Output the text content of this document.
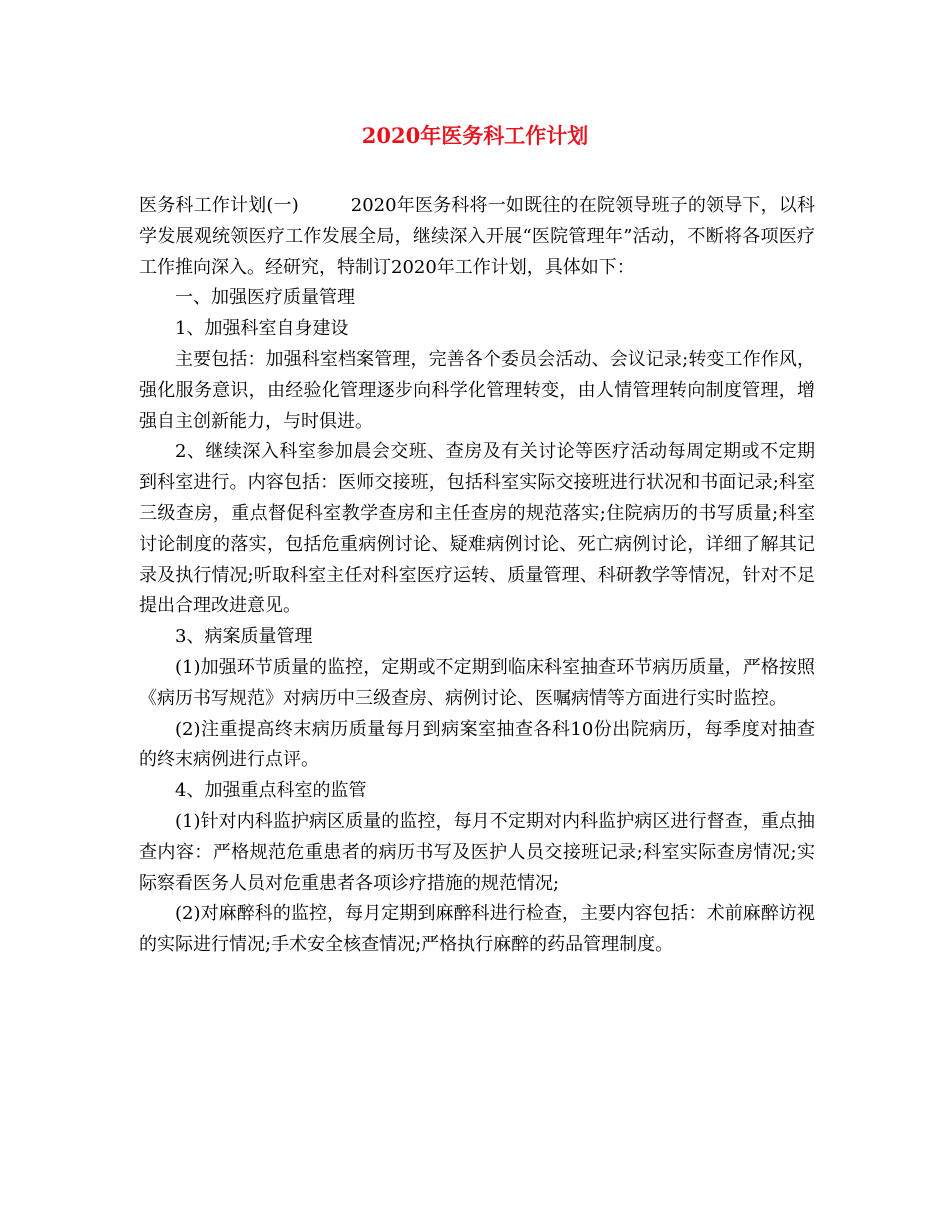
2020年医务科工作计划

医务科工作计划(一)	2020年医务科将一如既往的在院领导班子的领导下，以科学发展观统领医疗工作发展全局，继续深入开展“医院管理年”活动，不断将各项医疗工作推向深入。经研究，特制订2020年工作计划，具体如下：

一、加强医疗质量管理

1、加强科室自身建设

主要包括：加强科室档案管理，完善各个委员会活动、会议记录;转变工作作风，强化服务意识，由经验化管理逐步向科学化管理转变，由人情管理转向制度管理，增强自主创新能力，与时俱进。

2、继续深入科室参加晨会交班、查房及有关讨论等医疗活动每周定期或不定期到科室进行。内容包括：医师交接班，包括科室实际交接班进行状况和书面记录;科室三级查房，重点督促科室教学查房和主任查房的规范落实;住院病历的书写质量;科室讨论制度的落实，包括危重病例讨论、疑难病例讨论、死亡病例讨论，详细了解其记录及执行情况;听取科室主任对科室医疗运转、质量管理、科研教学等情况，针对不足提出合理改进意见。

3、病案质量管理

(1)加强环节质量的监控，定期或不定期到临床科室抽查环节病历质量，严格按照《病历书写规范》对病历中三级查房、病例讨论、医嘱病情等方面进行实时监控。

(2)注重提高终末病历质量每月到病案室抽查各科10份出院病历，每季度对抽查的终末病例进行点评。

4、加强重点科室的监管

(1)针对内科监护病区质量的监控，每月不定期对内科监护病区进行督查，重点抽查内容：严格规范危重患者的病历书写及医护人员交接班记录;科室实际查房情况;实际察看医务人员对危重患者各项诊疗措施的规范情况;

(2)对麻醉科的监控，每月定期到麻醉科进行检查，主要内容包括：术前麻醉访视的实际进行情况;手术安全核查情况;严格执行麻醉的药品管理制度。
